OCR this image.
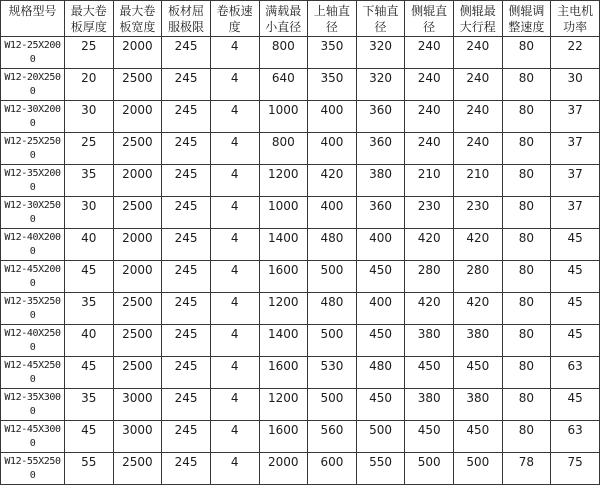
规格型号	最大卷板厚度	最大卷板宽度	板材屈服极限	卷板速度	满载最小直径	上轴直径	下轴直径	侧辊直径	侧辊最大行程	侧辊调整速度	主电机功率
W12-25X2000	25	2000	245	4	800	350	320	240	240	80	22
W12-20X2500	20	2500	245	4	640	350	320	240	240	80	30
W12-30X2000	30	2000	245	4	1000	400	360	240	240	80	37
W12-25X2500	25	2500	245	4	800	400	360	240	240	80	37
W12-35X2000	35	2000	245	4	1200	420	380	210	210	80	37
W12-30X2500	30	2500	245	4	1000	400	360	230	230	80	37
W12-40X2000	40	2000	245	4	1400	480	400	420	420	80	45
W12-45X2000	45	2000	245	4	1600	500	450	280	280	80	45
W12-35X2500	35	2500	245	4	1200	480	400	420	420	80	45
W12-40X2500	40	2500	245	4	1400	500	450	380	380	80	45
W12-45X2500	45	2500	245	4	1600	530	480	450	450	80	63
W12-35X3000	35	3000	245	4	1200	500	450	380	380	80	45
W12-45X3000	45	3000	245	4	1600	560	500	450	450	80	63
W12-55X2500	55	2500	245	4	2000	600	550	500	500	78	75
